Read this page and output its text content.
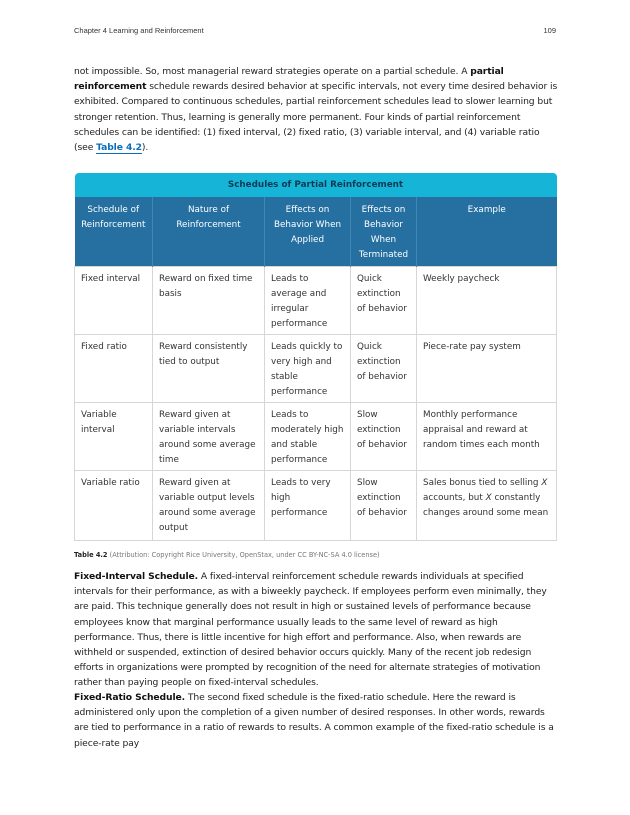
Chapter 4 Learning and Reinforcement	109

not impossible. So, most managerial reward strategies operate on a partial schedule. A partial reinforcement schedule rewards desired behavior at specific intervals, not every time desired behavior is exhibited. Compared to continuous schedules, partial reinforcement schedules lead to slower learning but stronger retention. Thus, learning is generally more permanent. Four kinds of partial reinforcement schedules can be identified: (1) fixed interval, (2) fixed ratio, (3) variable interval, and (4) variable ratio (see Table 4.2).

Schedules of Partial Reinforcement				
Schedule of Reinforcement	Nature of Reinforcement	Effects on Behavior When Applied	Effects on Behavior When Terminated	Example
Fixed interval	Reward on fixed time basis	Leads to average and irregular performance	Quick extinction of behavior	Weekly paycheck
Fixed ratio	Reward consistently tied to output	Leads quickly to very high and stable performance	Quick extinction of behavior	Piece-rate pay system
Variable interval	Reward given at variable intervals around some average time	Leads to moderately high and stable performance	Slow extinction of behavior	Monthly performance appraisal and reward at random times each month
Variable ratio	Reward given at variable output levels around some average output	Leads to very high performance	Slow extinction of behavior	Sales bonus tied to selling X accounts, but X constantly changes around some mean
Table 4.2 (Attribution: Copyright Rice University, OpenStax, under CC BY-NC-SA 4.0 license)

Fixed-Interval Schedule. A fixed-interval reinforcement schedule rewards individuals at specified intervals for their performance, as with a biweekly paycheck. If employees perform even minimally, they are paid. This technique generally does not result in high or sustained levels of performance because employees know that marginal performance usually leads to the same level of reward as high performance. Thus, there is little incentive for high effort and performance. Also, when rewards are withheld or suspended, extinction of desired behavior occurs quickly. Many of the recent job redesign efforts in organizations were prompted by recognition of the need for alternate strategies of motivation rather than paying people on fixed-interval schedules.

Fixed-Ratio Schedule. The second fixed schedule is the fixed-ratio schedule. Here the reward is administered only upon the completion of a given number of desired responses. In other words, rewards are tied to performance in a ratio of rewards to results. A common example of the fixed-ratio schedule is a piece-rate pay
